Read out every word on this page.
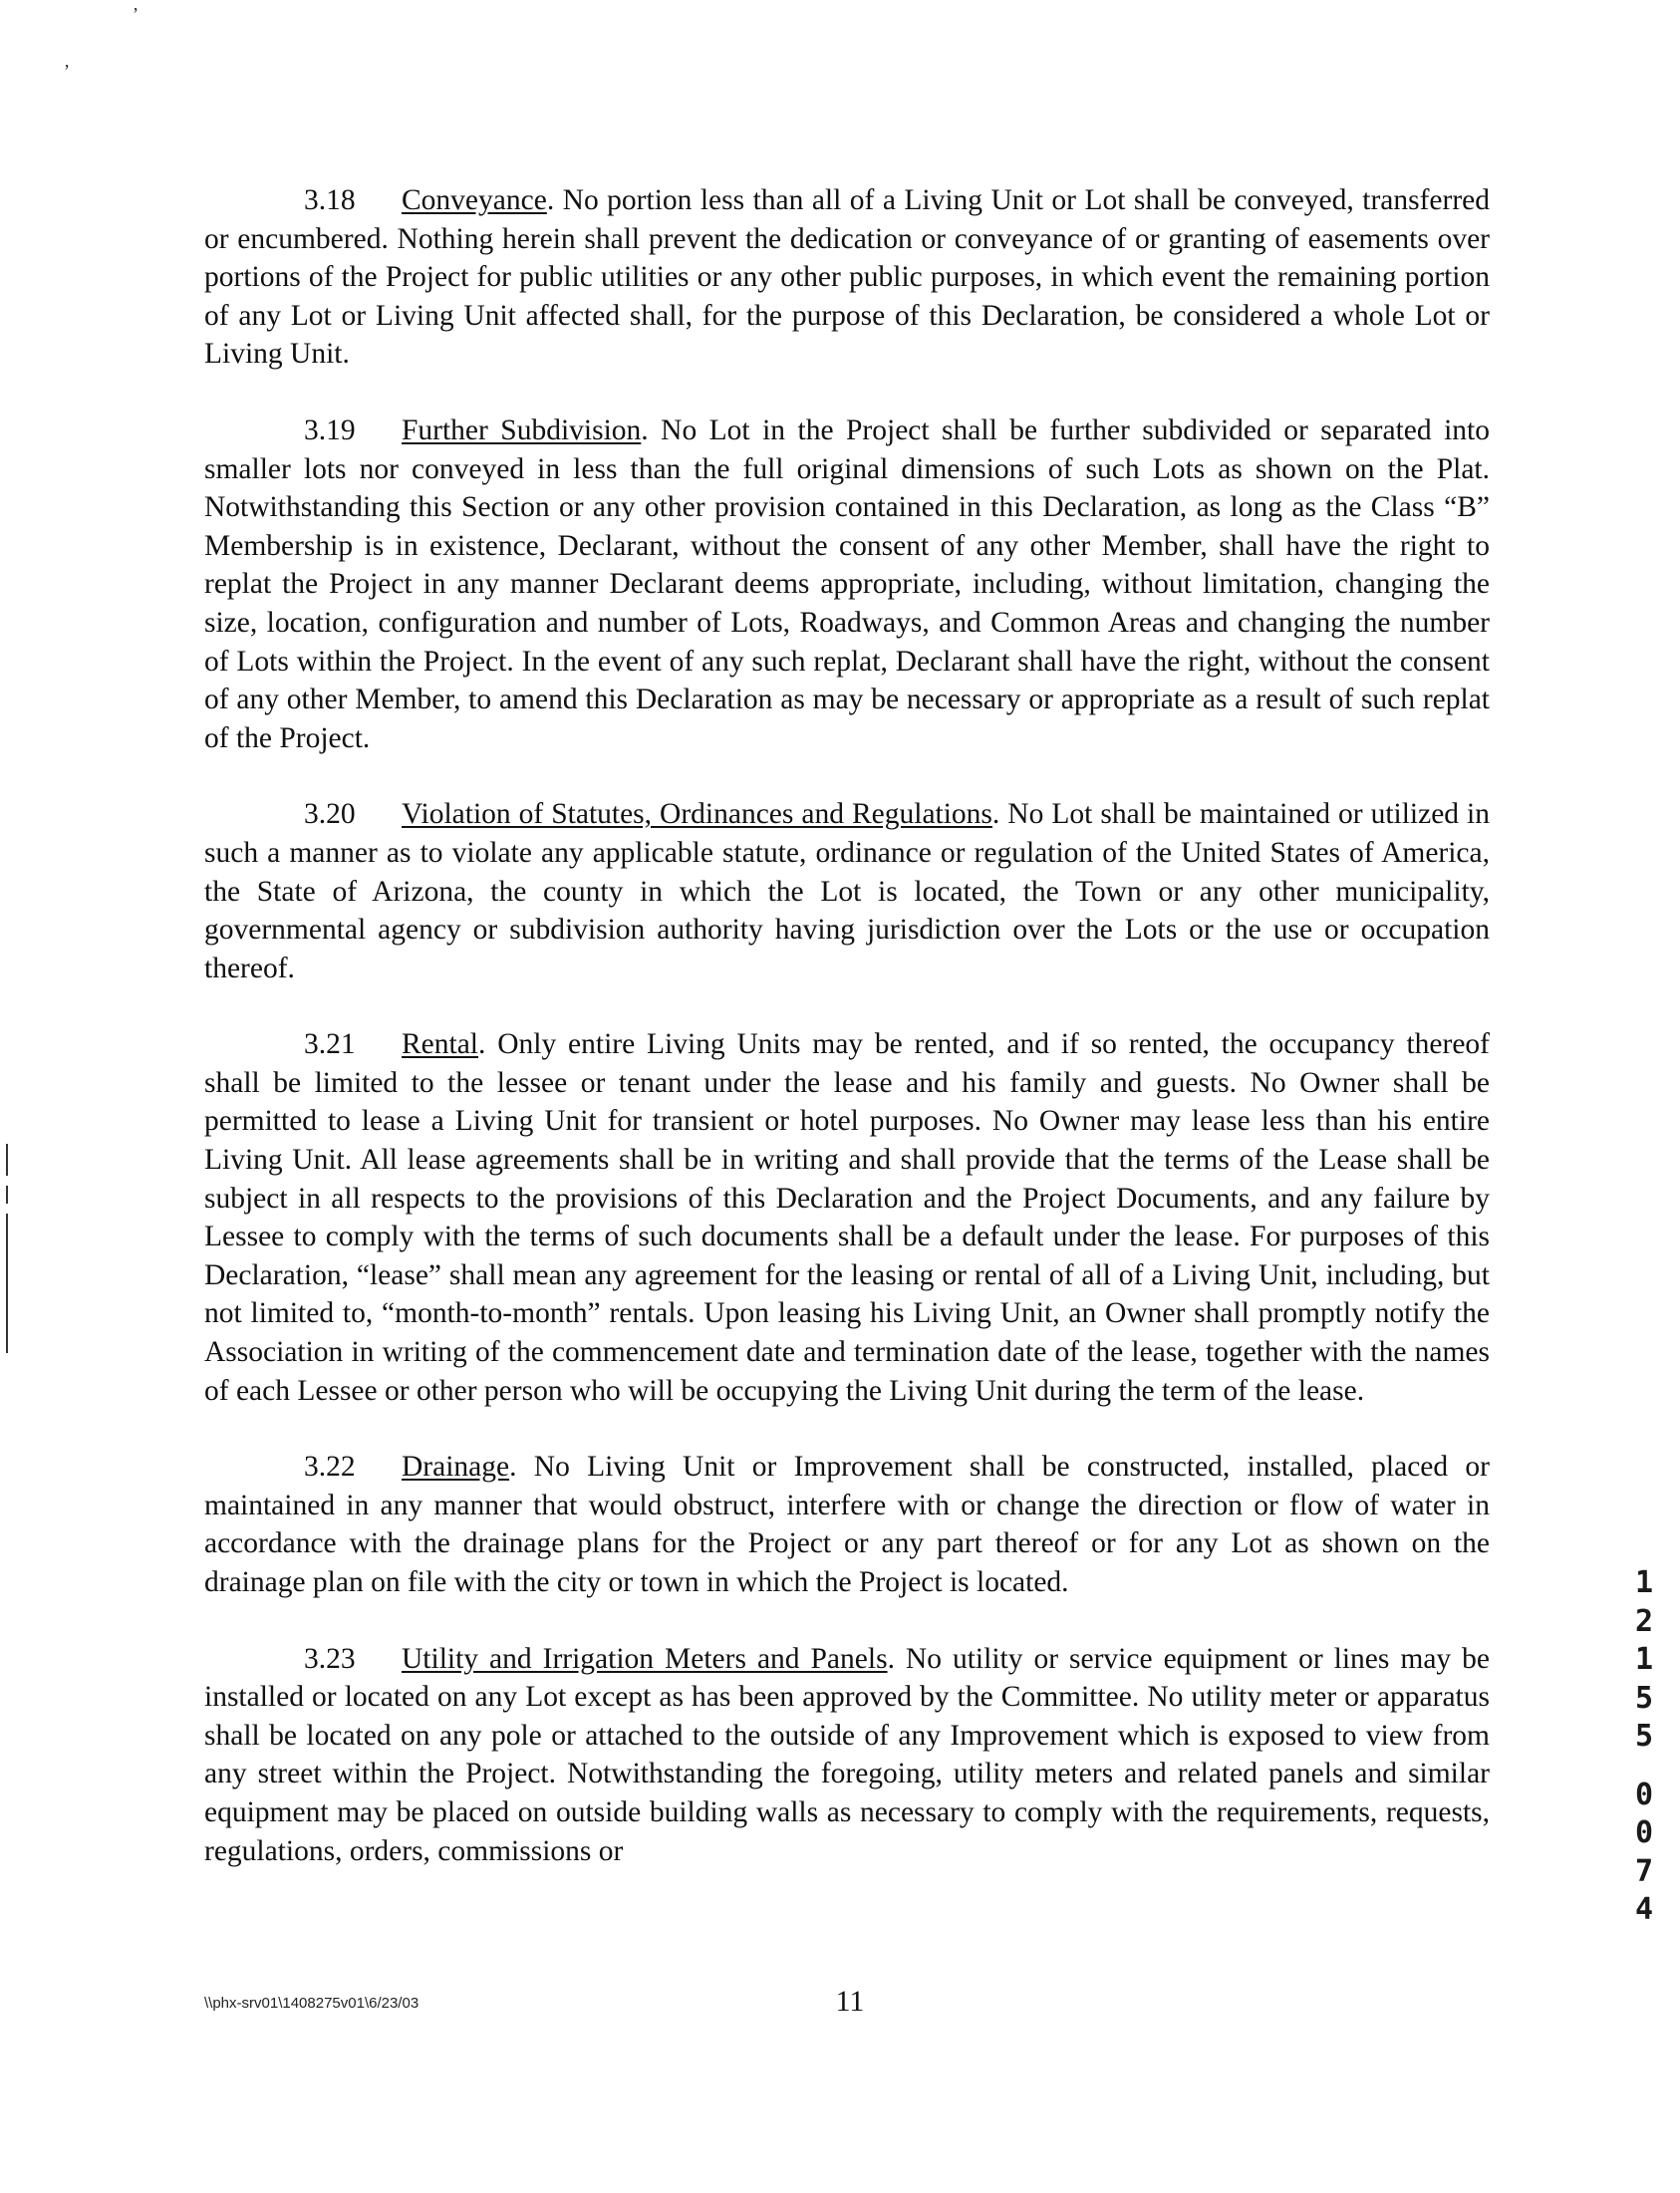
’
‚

3.18 Conveyance. No portion less than all of a Living Unit or Lot shall be conveyed, transferred or encumbered. Nothing herein shall prevent the dedication or conveyance of or granting of easements over portions of the Project for public utilities or any other public purposes, in which event the remaining portion of any Lot or Living Unit affected shall, for the purpose of this Declaration, be considered a whole Lot or Living Unit.

3.19 Further Subdivision. No Lot in the Project shall be further subdivided or separated into smaller lots nor conveyed in less than the full original dimensions of such Lots as shown on the Plat. Notwithstanding this Section or any other provision contained in this Declaration, as long as the Class “B” Membership is in existence, Declarant, without the consent of any other Member, shall have the right to replat the Project in any manner Declarant deems appropriate, including, without limitation, changing the size, location, configuration and number of Lots, Roadways, and Common Areas and changing the number of Lots within the Project. In the event of any such replat, Declarant shall have the right, without the consent of any other Member, to amend this Declaration as may be necessary or appropriate as a result of such replat of the Project.

3.20 Violation of Statutes, Ordinances and Regulations. No Lot shall be maintained or utilized in such a manner as to violate any applicable statute, ordinance or regulation of the United States of America, the State of Arizona, the county in which the Lot is located, the Town or any other municipality, governmental agency or subdivision authority having jurisdiction over the Lots or the use or occupation thereof.

3.21 Rental. Only entire Living Units may be rented, and if so rented, the occupancy thereof shall be limited to the lessee or tenant under the lease and his family and guests. No Owner shall be permitted to lease a Living Unit for transient or hotel purposes. No Owner may lease less than his entire Living Unit. All lease agreements shall be in writing and shall provide that the terms of the Lease shall be subject in all respects to the provisions of this Declaration and the Project Documents, and any failure by Lessee to comply with the terms of such documents shall be a default under the lease. For purposes of this Declaration, “lease” shall mean any agreement for the leasing or rental of all of a Living Unit, including, but not limited to, “month-to-month” rentals. Upon leasing his Living Unit, an Owner shall promptly notify the Association in writing of the commencement date and termination date of the lease, together with the names of each Lessee or other person who will be occupying the Living Unit during the term of the lease.

3.22 Drainage. No Living Unit or Improvement shall be constructed, installed, placed or maintained in any manner that would obstruct, interfere with or change the direction or flow of water in accordance with the drainage plans for the Project or any part thereof or for any Lot as shown on the drainage plan on file with the city or town in which the Project is located.

3.23 Utility and Irrigation Meters and Panels. No utility or service equipment or lines may be installed or located on any Lot except as has been approved by the Committee. No utility meter or apparatus shall be located on any pole or attached to the outside of any Improvement which is exposed to view from any street within the Project. Notwithstanding the foregoing, utility meters and related panels and similar equipment may be placed on outside building walls as necessary to comply with the requirements, requests, regulations, orders, commissions or

1
2
1
5
5
0
0
7
4
\\phx-srv01\1408275v01\6/23/03	11
